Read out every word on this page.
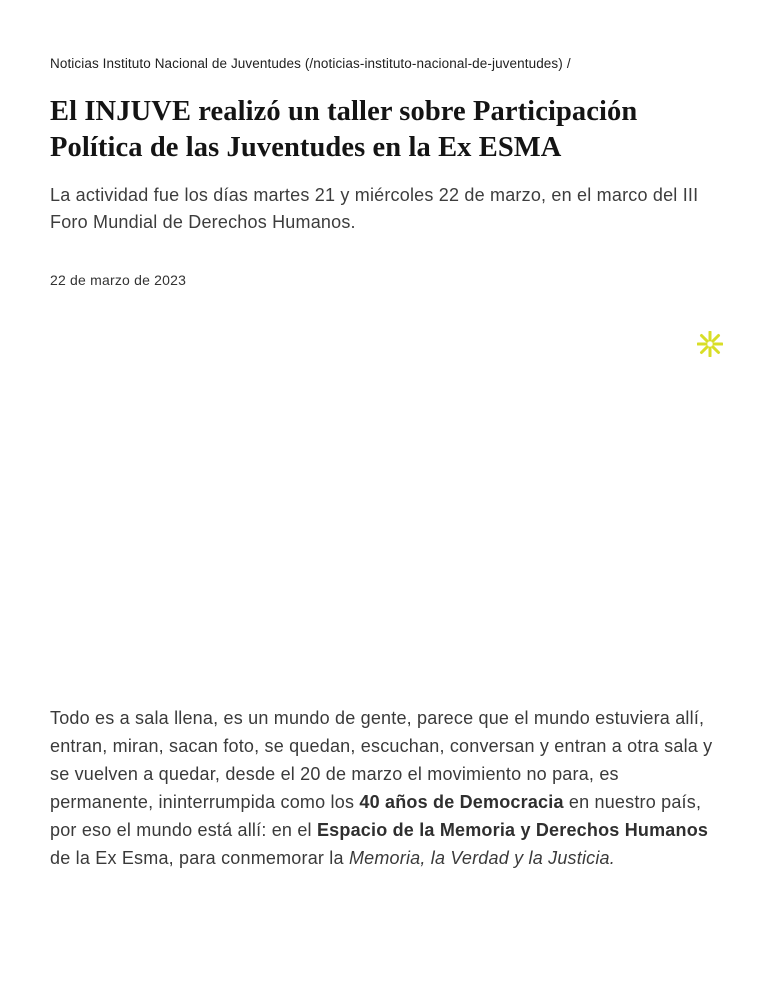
Noticias Instituto Nacional de Juventudes (/noticias-instituto-nacional-de-juventudes) /
El INJUVE realizó un taller sobre Participación Política de las Juventudes en la Ex ESMA

La actividad fue los días martes 21 y miércoles 22 de marzo, en el marco del III Foro Mundial de Derechos Humanos.

22 de marzo de 2023

Todo es a sala llena, es un mundo de gente, parece que el mundo estuviera allí, entran, miran, sacan foto, se quedan, escuchan, conversan y entran a otra sala y se vuelven a quedar, desde el 20 de marzo el movimiento no para, es permanente, ininterrumpida como los 40 años de Democracia en nuestro país, por eso el mundo está allí: en el Espacio de la Memoria y Derechos Humanos de la Ex Esma, para conmemorar la Memoria, la Verdad y la Justicia.
